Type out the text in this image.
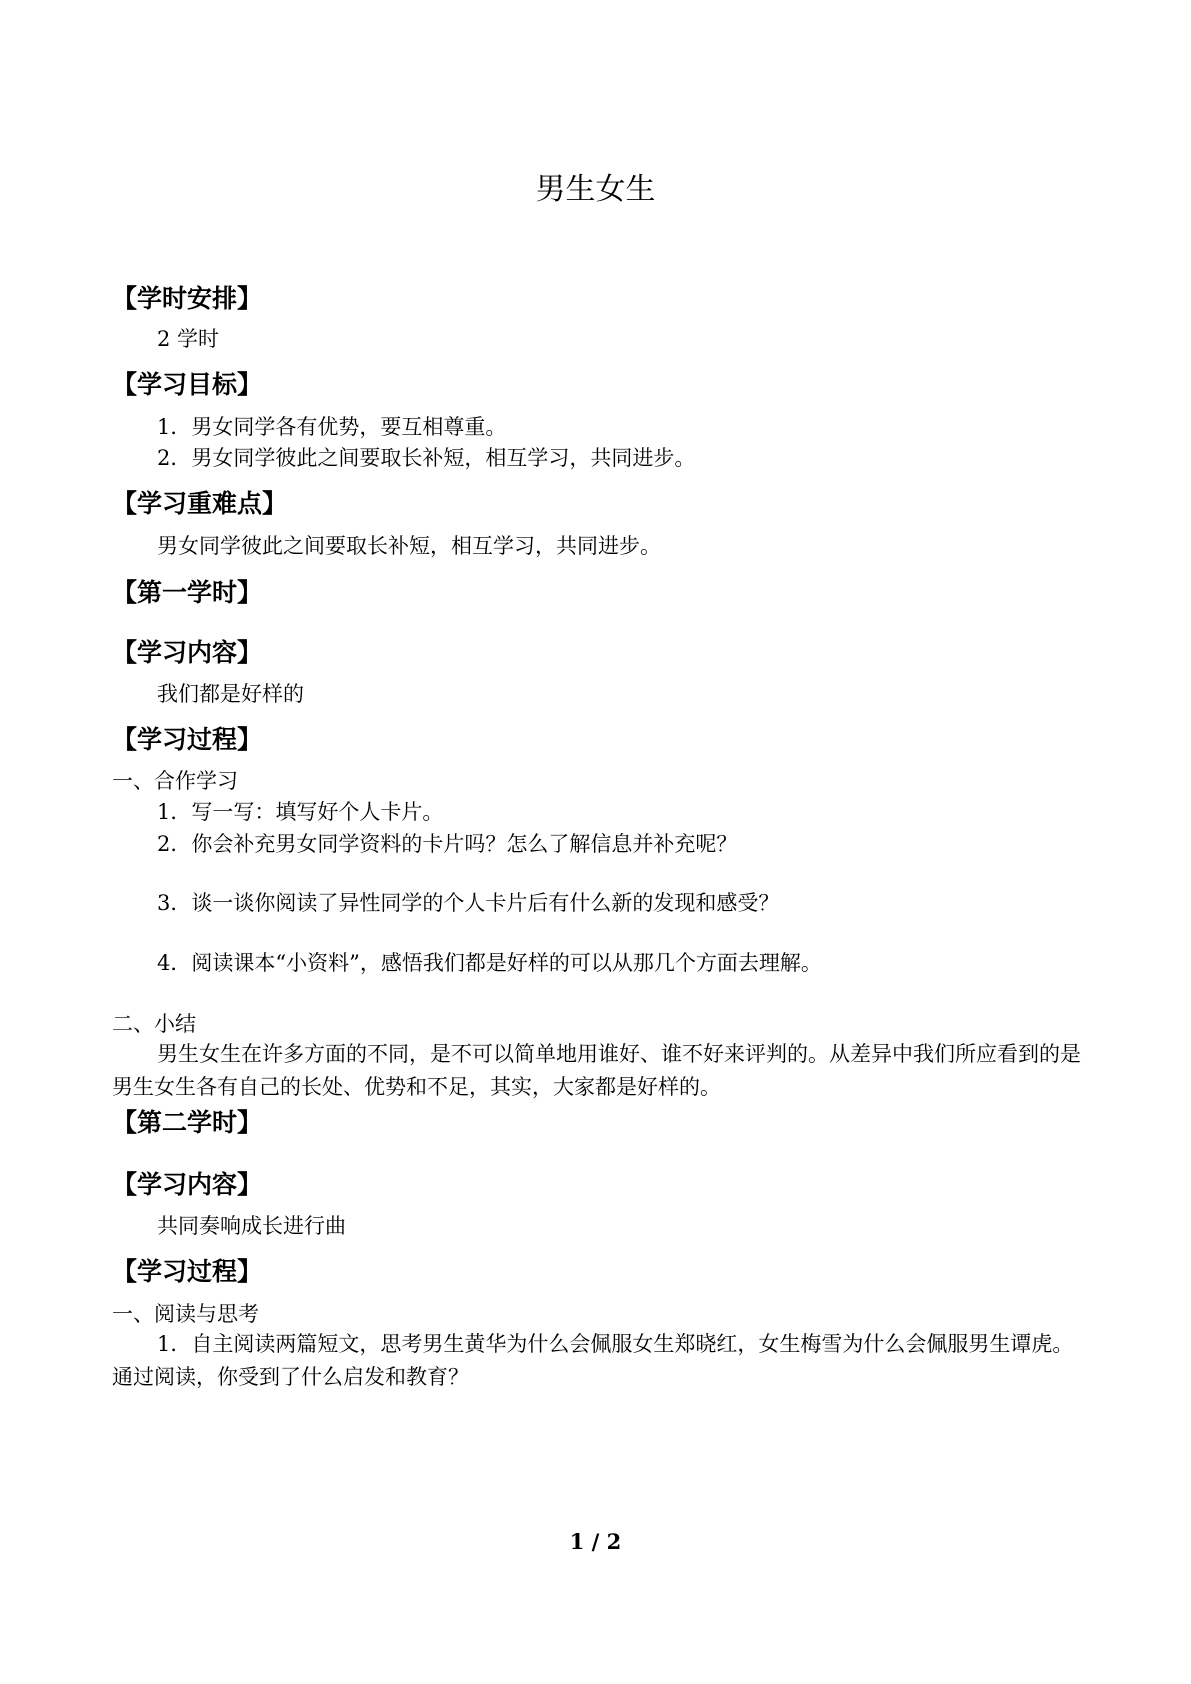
男生女生
【学时安排】
2 学时
【学习目标】
1．男女同学各有优势，要互相尊重。
2．男女同学彼此之间要取长补短，相互学习，共同进步。
【学习重难点】
男女同学彼此之间要取长补短，相互学习，共同进步。
【第一学时】
【学习内容】
我们都是好样的
【学习过程】
一、合作学习
1．写一写：填写好个人卡片。
2．你会补充男女同学资料的卡片吗？怎么了解信息并补充呢？
3．谈一谈你阅读了异性同学的个人卡片后有什么新的发现和感受？
4．阅读课本“小资料”，感悟我们都是好样的可以从那几个方面去理解。
二、小结
男生女生在许多方面的不同，是不可以简单地用谁好、谁不好来评判的。从差异中我们所应看到的是男生女生各有自己的长处、优势和不足，其实，大家都是好样的。
【第二学时】
【学习内容】
共同奏响成长进行曲
【学习过程】
一、阅读与思考
1．自主阅读两篇短文，思考男生黄华为什么会佩服女生郑晓红，女生梅雪为什么会佩服男生谭虎。通过阅读，你受到了什么启发和教育？
1 / 2
